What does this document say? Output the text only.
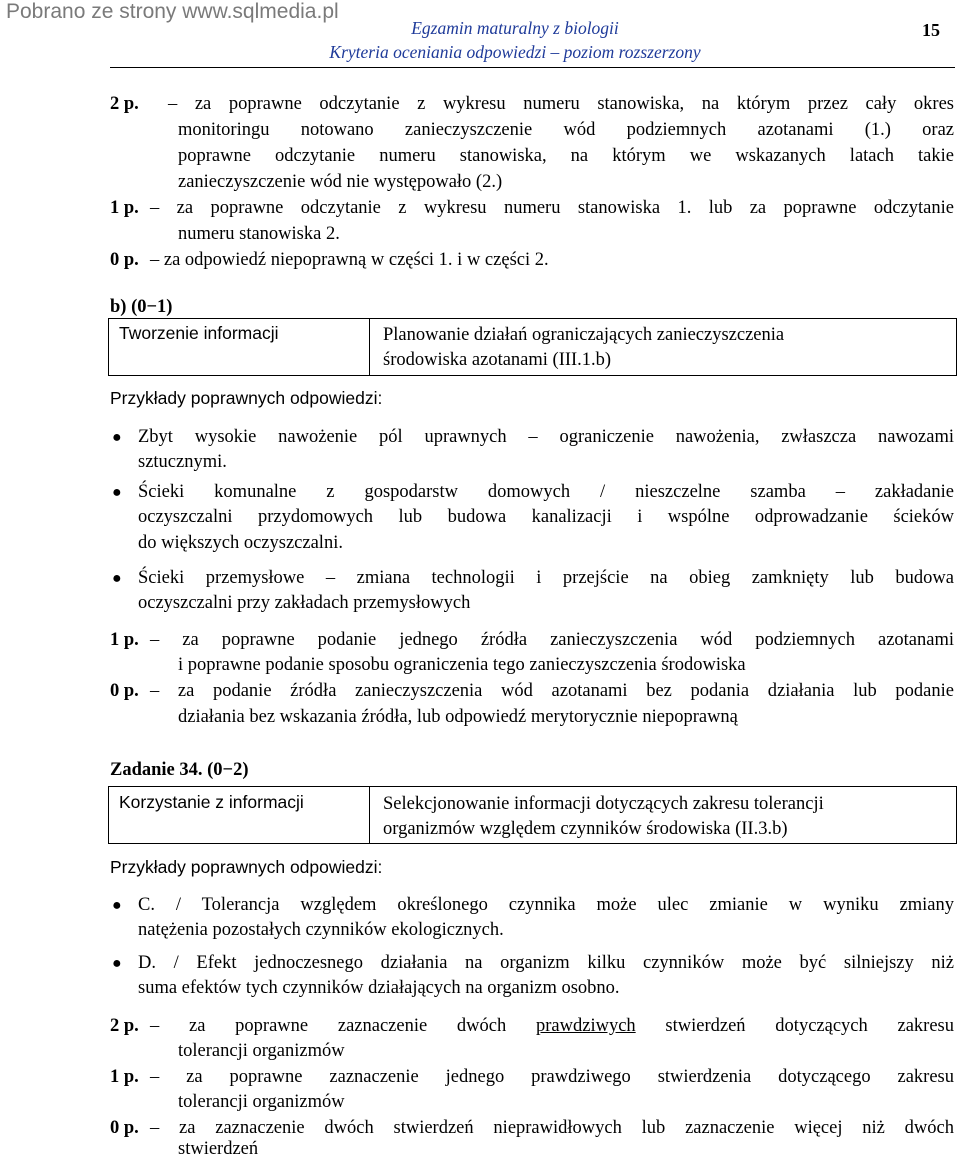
Pobrano ze strony www.sqlmedia.pl
Egzamin maturalny z biologii
Kryteria oceniania odpowiedzi – poziom rozszerzony
15
2 p. – za poprawne odczytanie z wykresu numeru stanowiska, na którym przez cały okres
monitoringu notowano zanieczyszczenie wód podziemnych azotanami (1.) oraz
poprawne odczytanie numeru stanowiska, na którym we wskazanych latach takie
zanieczyszczenie wód nie występowało (2.)
1 p. – za poprawne odczytanie z wykresu numeru stanowiska 1. lub za poprawne odczytanie
numeru stanowiska 2.
0 p. – za odpowiedź niepoprawną w części 1. i w części 2.
b) (0−1)
Tworzenie informacji	Planowanie działań ograniczających zanieczyszczenia
środowiska azotanami (III.1.b)
Przykłady poprawnych odpowiedzi:
● Zbyt wysokie nawożenie pól uprawnych – ograniczenie nawożenia, zwłaszcza nawozami
sztucznymi.
● Ścieki komunalne z gospodarstw domowych / nieszczelne szamba – zakładanie
oczyszczalni przydomowych lub budowa kanalizacji i wspólne odprowadzanie ścieków
do większych oczyszczalni.
● Ścieki przemysłowe – zmiana technologii i przejście na obieg zamknięty lub budowa
oczyszczalni przy zakładach przemysłowych
1 p. – za poprawne podanie jednego źródła zanieczyszczenia wód podziemnych azotanami
i poprawne podanie sposobu ograniczenia tego zanieczyszczenia środowiska
0 p. – za podanie źródła zanieczyszczenia wód azotanami bez podania działania lub podanie
działania bez wskazania źródła, lub odpowiedź merytorycznie niepoprawną
Zadanie 34. (0−2)
Korzystanie z informacji	Selekcjonowanie informacji dotyczących zakresu tolerancji
organizmów względem czynników środowiska (II.3.b)
Przykłady poprawnych odpowiedzi:
● C. / Tolerancja względem określonego czynnika może ulec zmianie w wyniku zmiany
natężenia pozostałych czynników ekologicznych.
● D. / Efekt jednoczesnego działania na organizm kilku czynników może być silniejszy niż
suma efektów tych czynników działających na organizm osobno.
2 p. – za poprawne zaznaczenie dwóch prawdziwych stwierdzeń dotyczących zakresu
tolerancji organizmów
1 p. – za poprawne zaznaczenie jednego prawdziwego stwierdzenia dotyczącego zakresu
tolerancji organizmów
0 p. – za zaznaczenie dwóch stwierdzeń nieprawidłowych lub zaznaczenie więcej niż dwóch
stwierdzeń
